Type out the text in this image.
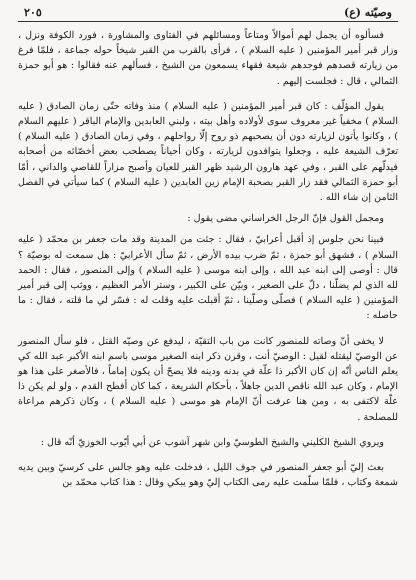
وصيّته (ع)
٢٠٥

فسألوه أن يجمل لهم أموالاً ومتاعاً ومسائلهم في الفتاوى والمشاورة ، فورد الكوفة ونزل ، وزار قبر أمير المؤمنين ( عليه السلام ) ، فرأى بالقرب من القبر شيخاً حوله جماعة ، فلمّا فرغ من زيارته قصدهم فوجدهم شيعة فقهاء يسمعون من الشيخ ، فسألهم عنه فقالوا : هو أبو حمزة الثمالي ، قال : فجلست إليهم .

يقول المؤلّف : كان قبر أمير المؤمنين ( عليه السلام ) منذ وفاته حتّى زمان الصادق ( عليه السلام ) مخفياً غير معروف سوى لأولاده وأهل بيته ، ولبني العابدين والإمام الباقر ( عليهم السلام ) ، وكانوا يأتون لزيارته دون أن يصحبهم ذو روح إلّا رواحلهم ، وفي زمان الصادق ( عليه السلام ) تعرّف الشيعة عليه ، وجعلوا يتوافدون لزيارته ، وكان أحياناً يصطحب بعض أخصّائه من أصحابه فيدلّهم على القبر ، وفي عهد هارون الرشيد ظهر القبر للعيان وأصبح مزاراً للقاصي والداني ، أمّا أبو حمزة الثمالي فقد زار القبر بصحبة الإمام زين العابدين ( عليه السلام ) كما سيأتي في الفصل الثامن إن شاء الله .

ومجمل القول فإنّ الرجل الخراساني مضى يقول :

فبينا نحن جلوس إذ أقبل أعرابيّ ، فقال : جئت من المدينة وقد مات جعفر بن محمّد ( عليه السلام ) ، فشهق أبو حمزة ، ثمّ ضرب بيده الأرض ، ثمّ سأل الأعرابيّ : هل سمعت له بوصيّة ؟ قال : أوصى إلى ابنه عبد الله ، وإلى ابنه موسى ( عليه السلام ) وإلى المنصور ، فقال : الحمد لله الذي لم يضلّنا ، دلّ على الصغير ، وبيّن على الكبير ، وستر الأمر العظيم ، ووثب إلى قبر أمير المؤمنين ( عليه السلام ) فصلّى وصلّينا ، ثمّ أقبلت عليه وقلت له : فسّر لي ما قلته ، فقال : ما حاصله :

لا يخفى أنّ وصاته للمنصور كانت من باب التقيّة ، ليدفع عن وصيّه القتل ، فلو سأل المنصور عن الوصيّ ليقتله لقيل : الوصيّ أنت ، وقرن ذكر ابنه الصغير موسى باسم ابنه الأكبر عبد الله كي يعلم الناس أنّه إن كان الأكبر ذا علّة في بدنه ودينه فلا يصحّ أن يكون إماماً ، فالأصغر على هذا هو الإمام ، وكان عبد الله ناقص الدين جاهلاً ، بأحكام الشريعة ، كما كان أفطح القدم ، ولو لم يكن ذا علّة لاكتفى به ، ومن هنا عرفت أنّ الإمام هو موسى ( عليه السلام ) ، وكان ذكرهم مراعاة للمصلحة .

ويروي الشيخ الكليني والشيخ الطوسيّ وابن شهر آشوب عن أبي أيّوب الخوزيّ أنّه قال :

بعث إليّ أبو جعفر المنصور في جوف الليل ، فدخلت عليه وهو جالس على كرسيّ وبين يديه شمعة وكتاب ، فلمّا سلّمت عليه رمى الكتاب إليّ وهو يبكي وقال : هذا كتاب محمّد بن
